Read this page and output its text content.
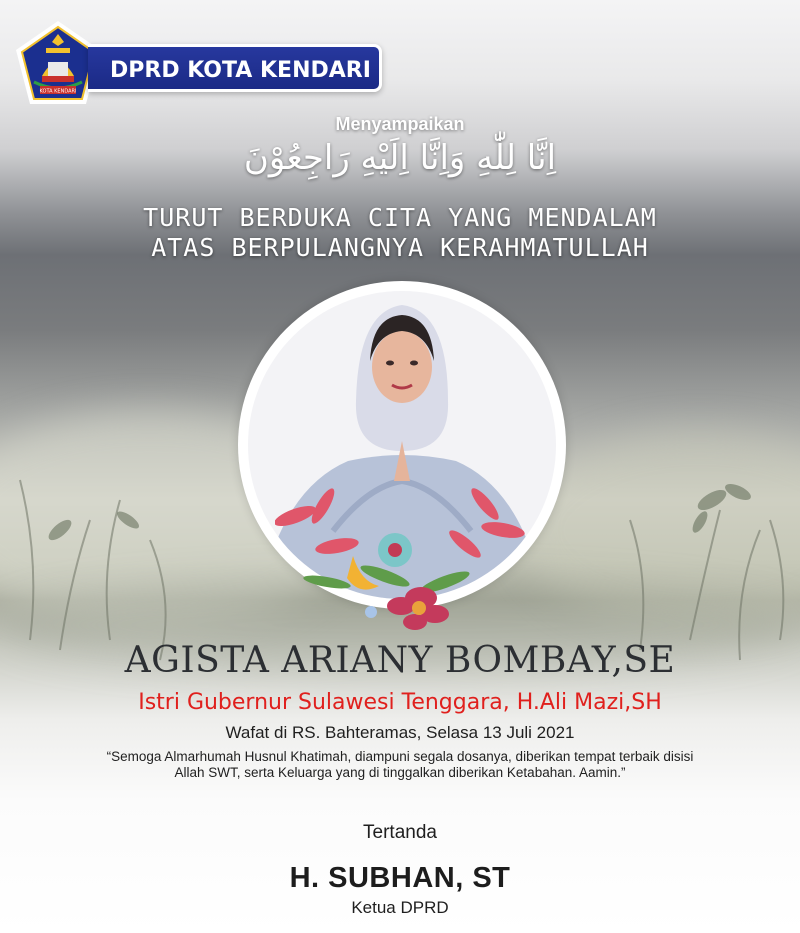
KOTA KENDARI
DPRD KOTA KENDARI
Menyampaikan
اِنَّا لِلّٰهِ وَاِنَّا اِلَيْهِ رَاجِعُوْنَ
TURUT BERDUKA CITA YANG MENDALAM
ATAS BERPULANGNYA KERAHMATULLAH
AGISTA ARIANY BOMBAY,SE
Istri Gubernur Sulawesi Tenggara, H.Ali Mazi,SH
Wafat di RS. Bahteramas, Selasa 13 Juli 2021
“Semoga Almarhumah Husnul Khatimah, diampuni segala dosanya, diberikan tempat terbaik disisi Allah SWT, serta Keluarga yang di tinggalkan diberikan Ketabahan. Aamin.”
Tertanda
H. SUBHAN, ST
Ketua DPRD
